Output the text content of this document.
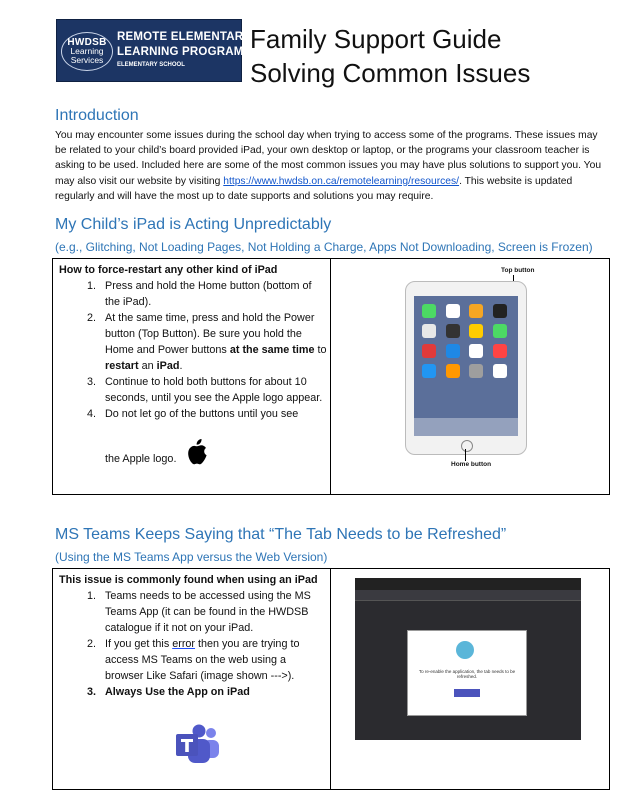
HWDSB
Learning
Services
REMOTE ELEMENTARY
LEARNING PROGRAM
ELEMENTARY SCHOOL
Family Support Guide
Solving Common Issues
Introduction
You may encounter some issues during the school day when trying to access some of the programs. These issues may be related to your child’s board provided iPad, your own desktop or laptop, or the programs your classroom teacher is asking to be used. Included here are some of the most common issues you may have plus solutions to support you. You may also visit our website by visiting https://www.hwdsb.on.ca/remotelearning/resources/. This website is updated regularly and will have the most up to date supports and solutions you may require.
My Child’s iPad is Acting Unpredictably
(e.g., Glitching, Not Loading Pages, Not Holding a Charge, Apps Not Downloading, Screen is Frozen)
How to force-restart any other kind of iPad
1. Press and hold the Home button (bottom of the iPad).
2. At the same time, press and hold the Power button (Top Button). Be sure you hold the Home and Power buttons at the same time to restart an iPad.
3. Continue to hold both buttons for about 10 seconds, until you see the Apple logo appear.
4. Do not let go of the buttons until you see

the Apple logo.
Top button
Home button
MS Teams Keeps Saying that “The Tab Needs to be Refreshed”
(Using the MS Teams App versus the Web Version)
This issue is commonly found when using an iPad
1. Teams needs to be accessed using the MS Teams App (it can be found in the HWDSB catalogue if it not on your iPad.
2. If you get this error then you are trying to access MS Teams on the web using a browser Like Safari (image shown --->).
3. Always Use the App on iPad
To re-enable the application, the tab needs to be refreshed.
